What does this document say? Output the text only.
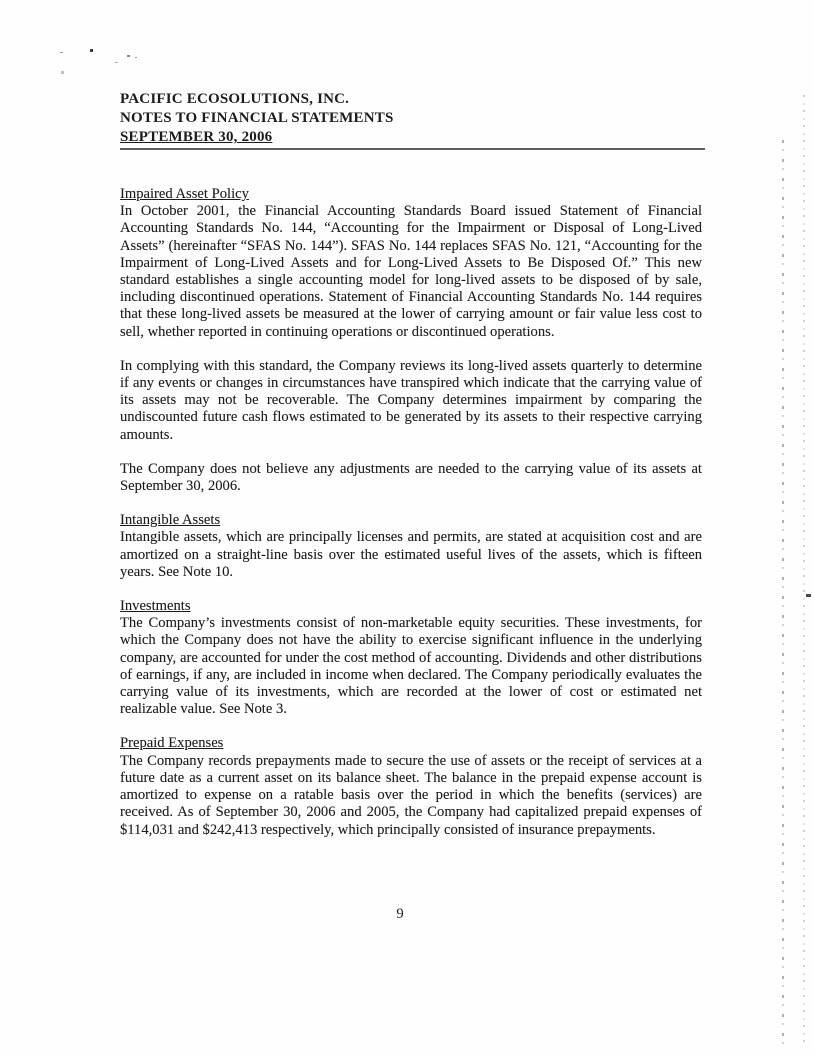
PACIFIC ECOSOLUTIONS, INC.
NOTES TO FINANCIAL STATEMENTS
SEPTEMBER 30, 2006
Impaired Asset Policy

In October 2001, the Financial Accounting Standards Board issued Statement of Financial Accounting Standards No. 144, “Accounting for the Impairment or Disposal of Long-Lived Assets” (hereinafter “SFAS No. 144”). SFAS No. 144 replaces SFAS No. 121, “Accounting for the Impairment of Long-Lived Assets and for Long-Lived Assets to Be Disposed Of.” This new standard establishes a single accounting model for long-lived assets to be disposed of by sale, including discontinued operations. Statement of Financial Accounting Standards No. 144 requires that these long-lived assets be measured at the lower of carrying amount or fair value less cost to sell, whether reported in continuing operations or discontinued operations.

In complying with this standard, the Company reviews its long-lived assets quarterly to determine if any events or changes in circumstances have transpired which indicate that the carrying value of its assets may not be recoverable. The Company determines impairment by comparing the undiscounted future cash flows estimated to be generated by its assets to their respective carrying amounts.

The Company does not believe any adjustments are needed to the carrying value of its assets at September 30, 2006.

Intangible Assets

Intangible assets, which are principally licenses and permits, are stated at acquisition cost and are amortized on a straight-line basis over the estimated useful lives of the assets, which is fifteen years. See Note 10.

Investments

The Company’s investments consist of non-marketable equity securities. These investments, for which the Company does not have the ability to exercise significant influence in the underlying company, are accounted for under the cost method of accounting. Dividends and other distributions of earnings, if any, are included in income when declared. The Company periodically evaluates the carrying value of its investments, which are recorded at the lower of cost or estimated net realizable value. See Note 3.

Prepaid Expenses

The Company records prepayments made to secure the use of assets or the receipt of services at a future date as a current asset on its balance sheet. The balance in the prepaid expense account is amortized to expense on a ratable basis over the period in which the benefits (services) are received. As of September 30, 2006 and 2005, the Company had capitalized prepaid expenses of $114,031 and $242,413 respectively, which principally consisted of insurance prepayments.

9
